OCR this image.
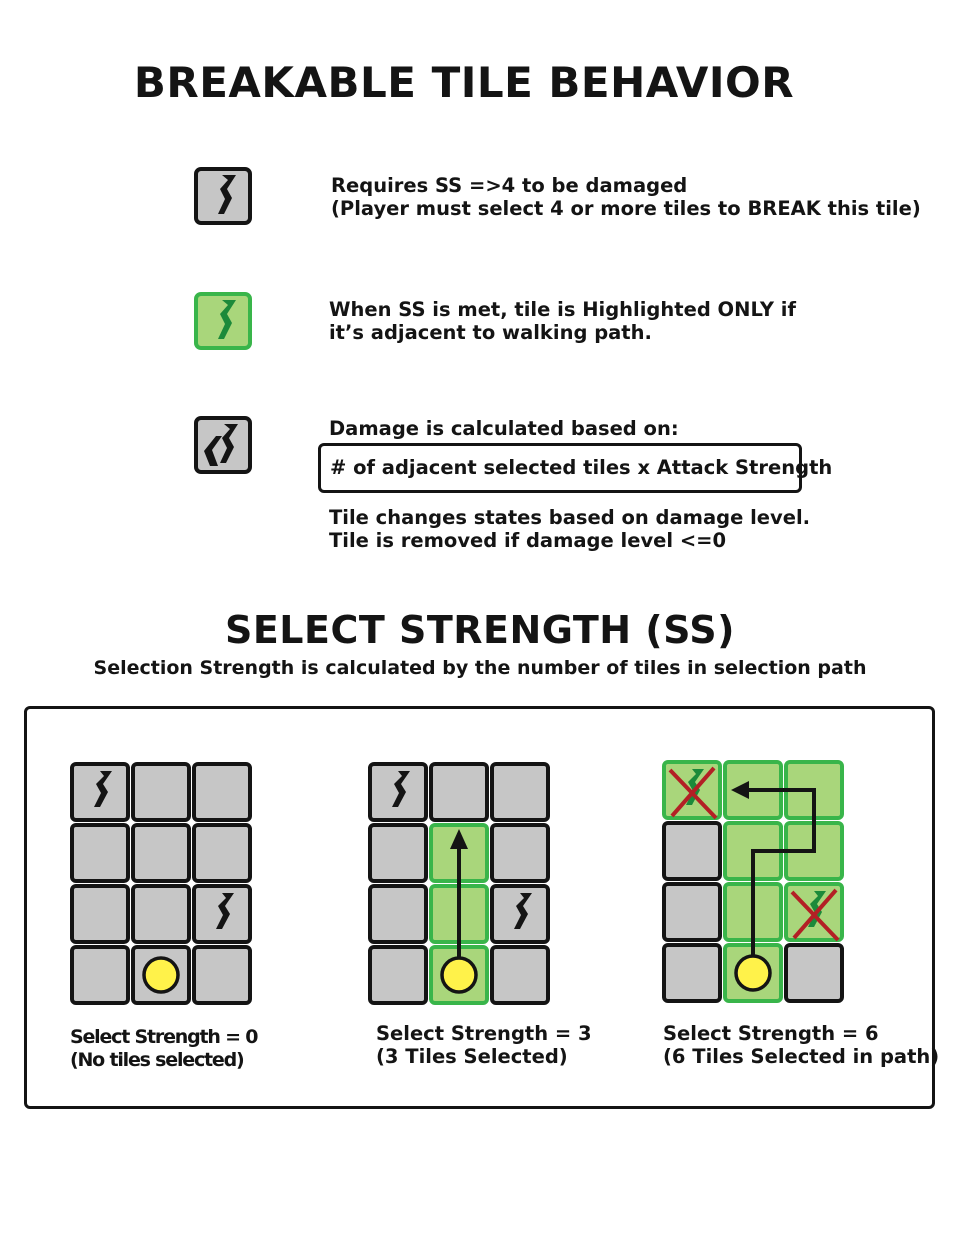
BREAKABLE TILE BEHAVIOR
Requires SS =>4 to be damaged
(Player must select 4 or more tiles to BREAK this tile)
When SS is met, tile is Highlighted ONLY if
it’s adjacent to walking path.
Damage is calculated based on:
# of adjacent selected tiles x Attack Strength
Tile changes states based on damage level.
Tile is removed if damage level <=0
SELECT STRENGTH (SS)
Selection Strength is calculated by the number of tiles in selection path
Select Strength = 0
(No tiles selected)
Select Strength = 3
(3 Tiles Selected)
Select Strength = 6
(6 Tiles Selected in path)
